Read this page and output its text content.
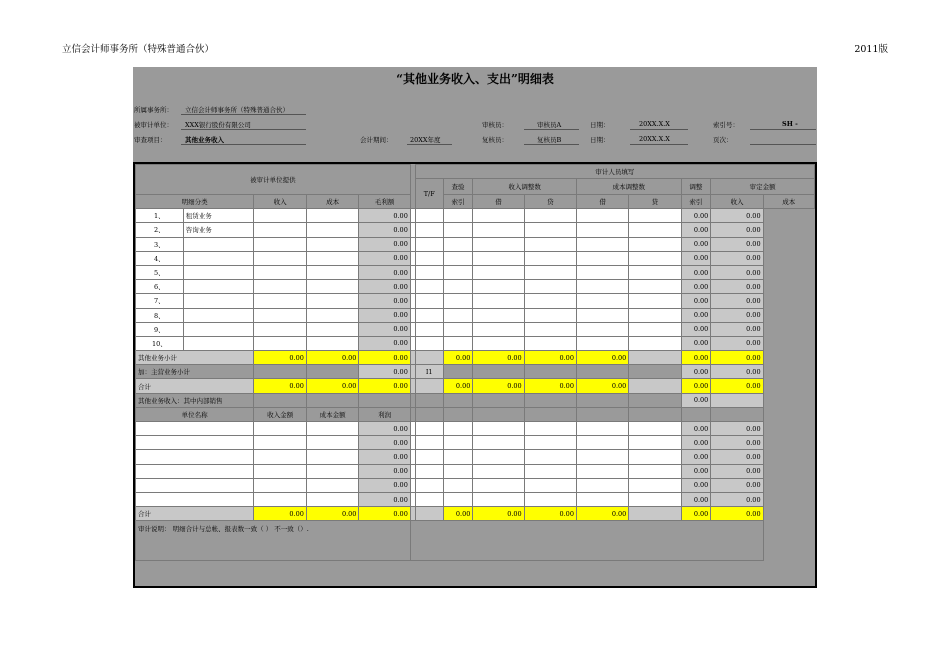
立信会计师事务所（特殊普通合伙）	2011版
“其他业务收入、支出”明细表
所属事务所： 立信会计师事务所（特殊普通合伙）
被审计单位： XXX银行股份有限公司	审核员：	审核员A	日期：	20XX.X.X	索引号：	SH -
审查项目：	其他业务收入	会计期间：	20XX年度	复核员：	复核员B	日期：	20XX.X.X	页次：
被审计单位提供						审计人员填写								
						T/F	查验	收入调整数		成本调整数		调整	审定金额	
明细分类		收入	成本	毛利额			索引	借	贷	借	贷	索引	收入	成本
1、	租赁业务			0.00								0.00	0.00	
2、	咨询业务			0.00								0.00	0.00	
3、				0.00								0.00	0.00	
4、				0.00								0.00	0.00	
5、				0.00								0.00	0.00	
6、				0.00								0.00	0.00	
7、				0.00								0.00	0.00	
8、				0.00								0.00	0.00	
9、				0.00								0.00	0.00	
10、				0.00								0.00	0.00	
其他业务小计		0.00	0.00	0.00			0.00	0.00	0.00	0.00		0.00	0.00	
加：主营业务小计				0.00		I1						0.00	0.00	
合计		0.00	0.00	0.00			0.00	0.00	0.00	0.00		0.00	0.00	
其他业务收入：其中内部销售												0.00		
单位名称		收入金额	成本金额	利润										
				0.00								0.00	0.00	
				0.00								0.00	0.00	
				0.00								0.00	0.00	
				0.00								0.00	0.00	
				0.00								0.00	0.00	
				0.00								0.00	0.00	
合计		0.00	0.00	0.00			0.00	0.00	0.00	0.00		0.00	0.00	
审计说明： 明细合计与总帐、报表数一致（ ） 不一致（）.														
